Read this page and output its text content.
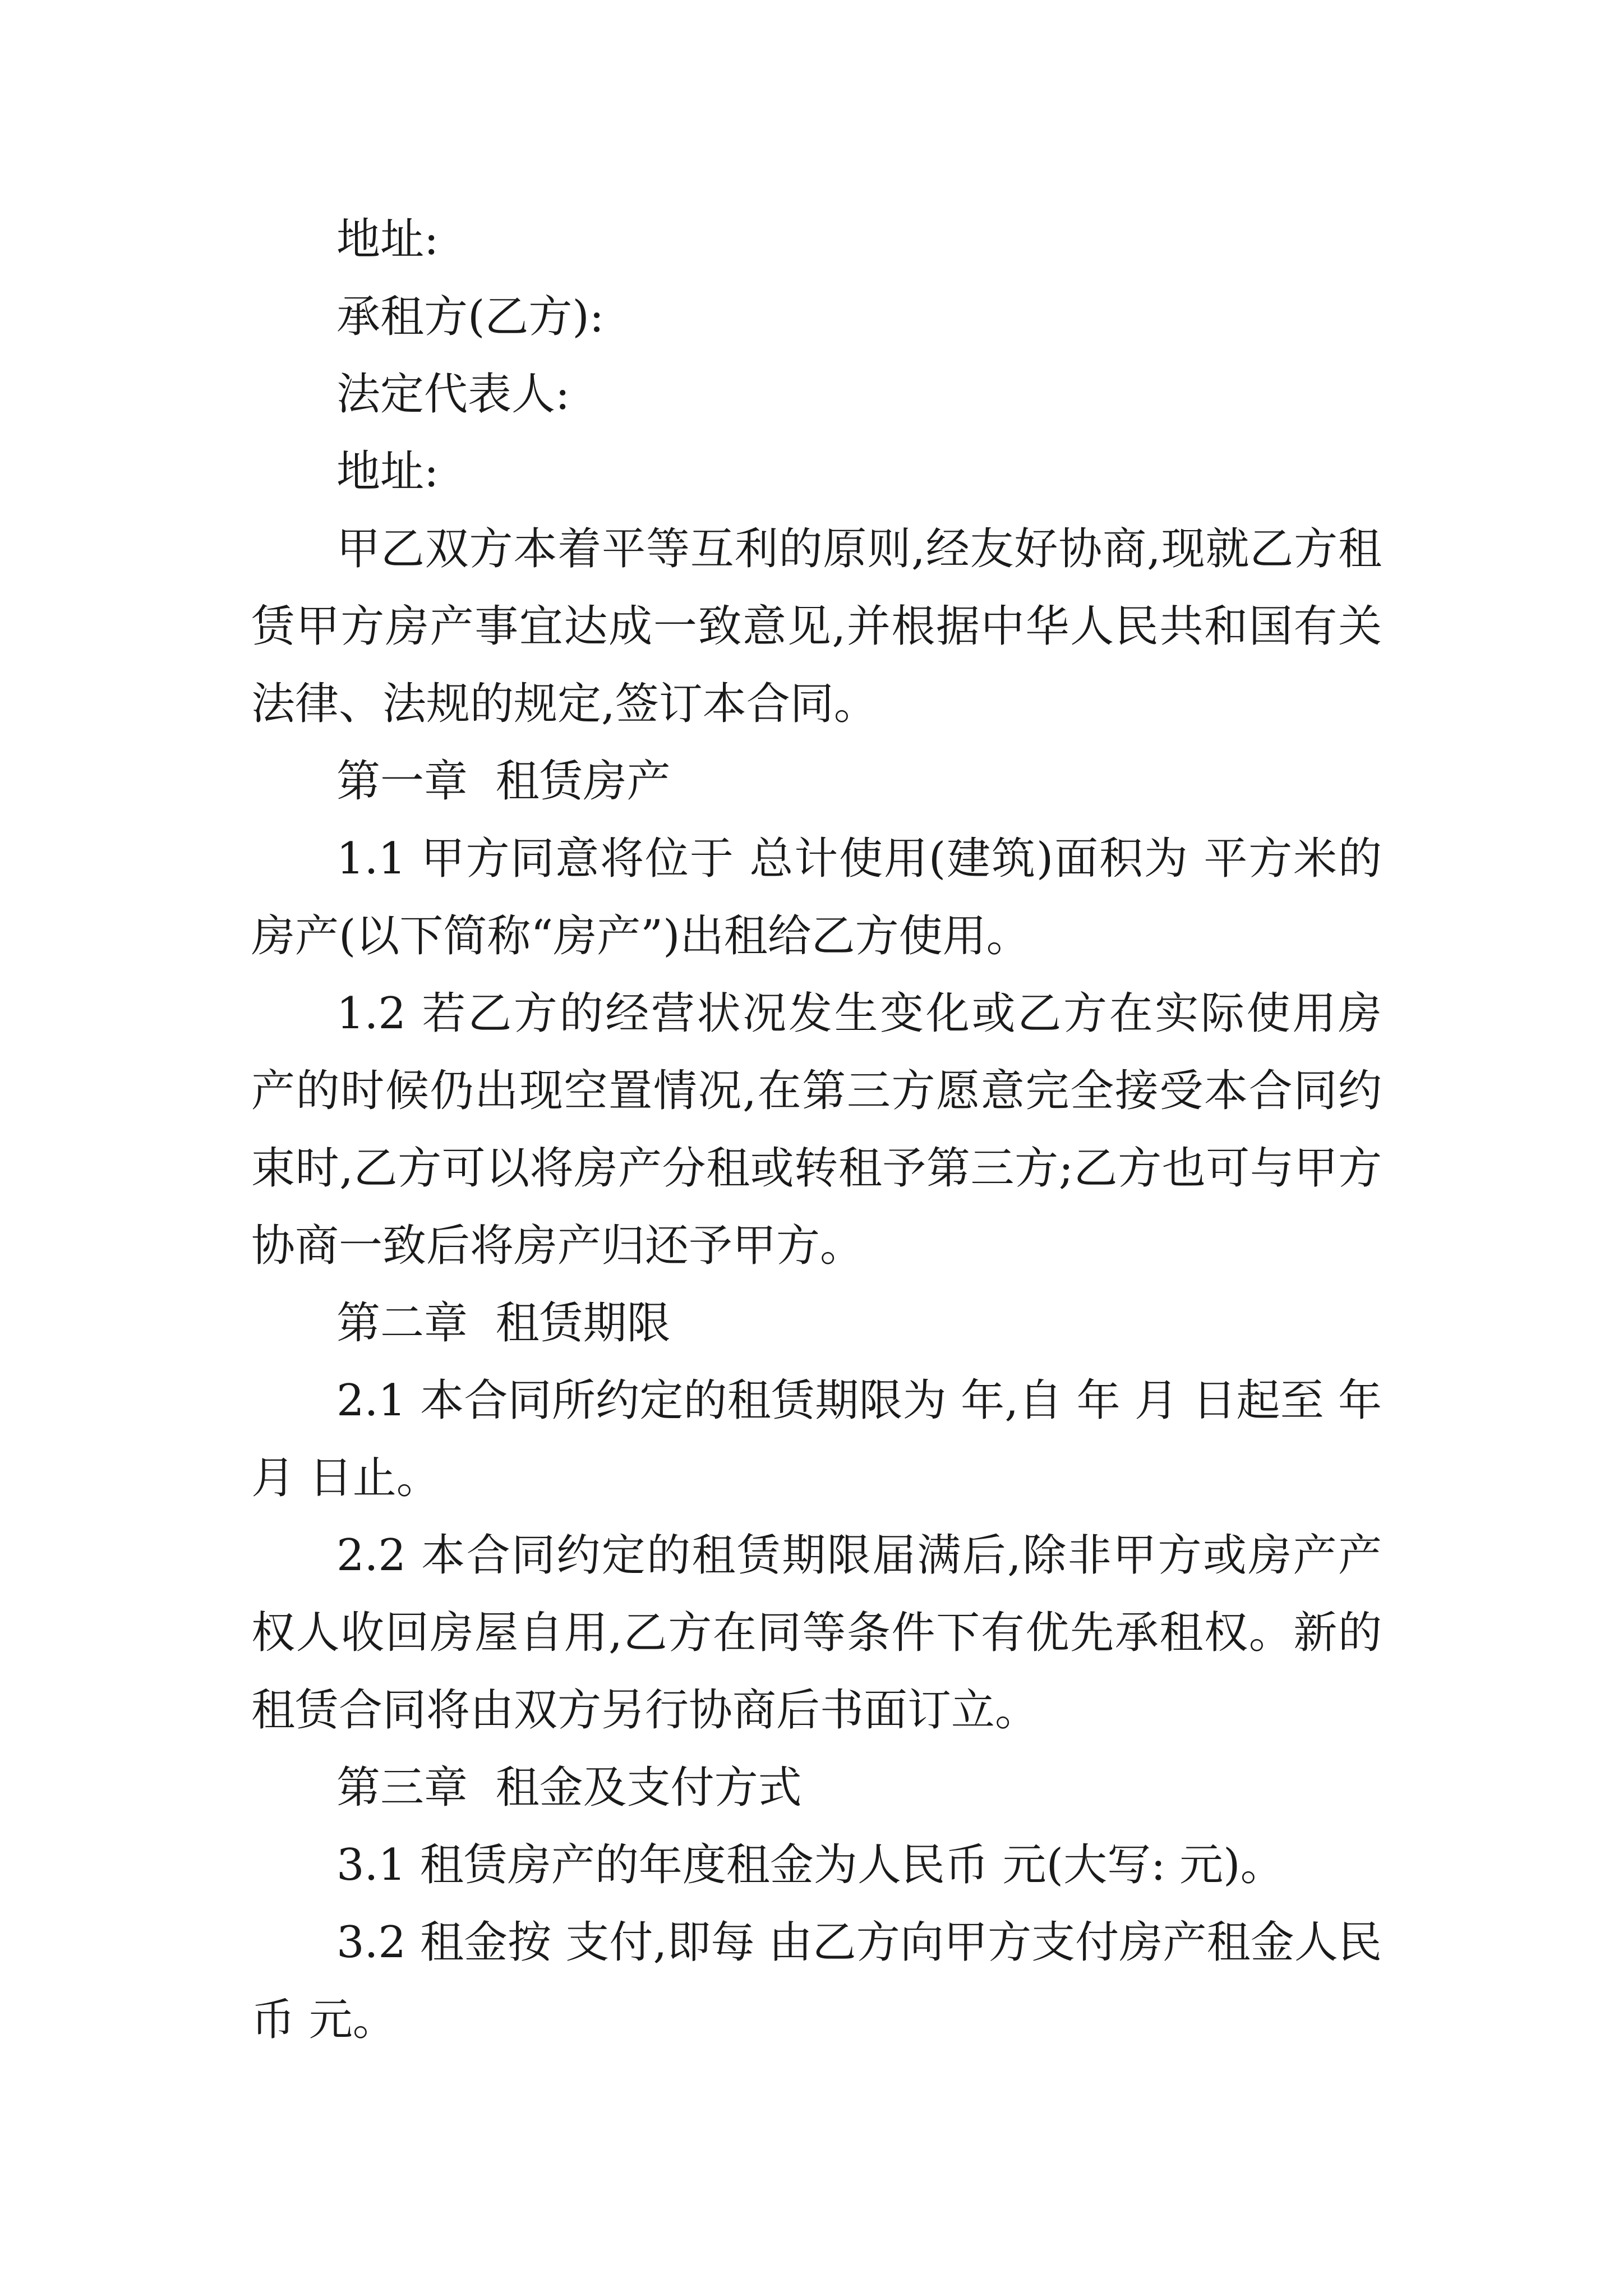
地址:
承租方(乙方):
法定代表人:
地址:

甲乙双方本着平等互利的原则,经友好协商,现就乙方租赁甲方房产事宜达成一致意见,并根据中华人民共和国有关法律、法规的规定,签订本合同。

第一章  租赁房产

1.1 甲方同意将位于 总计使用(建筑)面积为 平方米的房产(以下简称“房产”)出租给乙方使用。

1.2 若乙方的经营状况发生变化或乙方在实际使用房产的时候仍出现空置情况,在第三方愿意完全接受本合同约束时,乙方可以将房产分租或转租予第三方;乙方也可与甲方协商一致后将房产归还予甲方。

第二章  租赁期限

2.1 本合同所约定的租赁期限为 年,自 年 月 日起至 年 月 日止。

2.2 本合同约定的租赁期限届满后,除非甲方或房产产权人收回房屋自用,乙方在同等条件下有优先承租权。新的租赁合同将由双方另行协商后书面订立。

第三章  租金及支付方式

3.1 租赁房产的年度租金为人民币 元(大写: 元)。

3.2 租金按 支付,即每 由乙方向甲方支付房产租金人民币 元。
